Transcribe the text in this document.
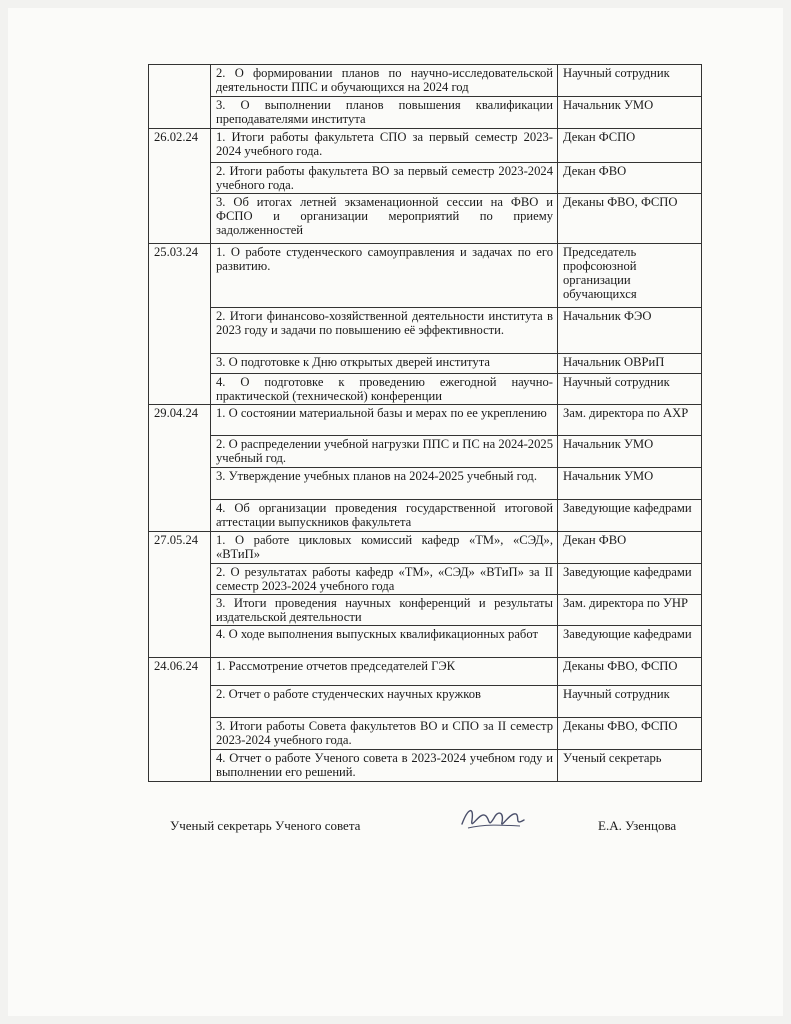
	2. О формировании планов по научно-исследовательской деятельности ППС и обучающихся на 2024 год	Научный сотрудник
	3. О выполнении планов повышения квалификации преподавателями института	Начальник УМО
26.02.24	1. Итоги работы факультета СПО за первый семестр 2023-2024 учебного года.	Декан ФСПО
	2. Итоги работы факультета ВО за первый семестр 2023-2024 учебного года.	Декан ФВО
	3. Об итогах летней экзаменационной сессии на ФВО и ФСПО и организации мероприятий по приему задолженностей	Деканы ФВО, ФСПО
25.03.24	1. О работе студенческого самоуправления и задачах по его развитию.	Председатель профсоюзной организации обучающихся
	2. Итоги финансово-хозяйственной деятельности института в 2023 году и задачи по повышению её эффективности.	Начальник ФЭО
	3. О подготовке к Дню открытых дверей института	Начальник ОВРиП
	4. О подготовке к проведению ежегодной научно-практической (технической) конференции	Научный сотрудник
29.04.24	1. О состоянии материальной базы и мерах по ее укреплению	Зам. директора по АХР
	2. О распределении учебной нагрузки ППС и ПС на 2024-2025 учебный год.	Начальник УМО
	3. Утверждение учебных планов на 2024-2025 учебный год.	Начальник УМО
	4. Об организации проведения государственной итоговой аттестации выпускников факультета	Заведующие кафедрами
27.05.24	1. О работе цикловых комиссий кафедр «ТМ», «СЭД», «ВТиП»	Декан ФВО
	2. О результатах работы кафедр «ТМ», «СЭД» «ВТиП» за II семестр 2023-2024 учебного года	Заведующие кафедрами
	3. Итоги проведения научных конференций и результаты издательской деятельности	Зам. директора по УНР
	4. О ходе выполнения выпускных квалификационных работ	Заведующие кафедрами
24.06.24	1. Рассмотрение отчетов председателей ГЭК	Деканы ФВО, ФСПО
	2. Отчет о работе студенческих научных кружков	Научный сотрудник
	3. Итоги работы Совета факультетов ВО и СПО за II семестр 2023-2024 учебного года.	Деканы ФВО, ФСПО
	4. Отчет о работе Ученого совета в 2023-2024 учебном году и выполнении его решений.	Ученый секретарь
Ученый секретарь Ученого совета	Е.А. Узенцова
